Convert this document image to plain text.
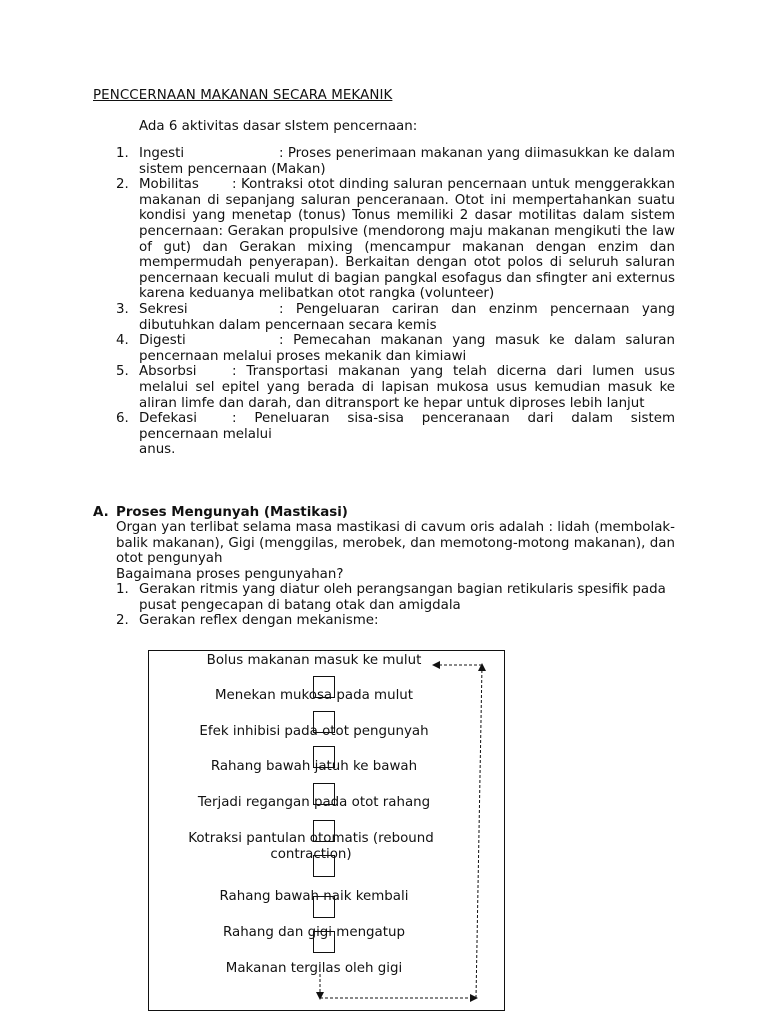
PENCCERNAAN MAKANAN SECARA MEKANIK
Ada 6 aktivitas dasar sIstem pencernaan:
1. Ingesti	: Proses penerimaan makanan yang diimasukkan ke dalam sistem pencernaan (Makan)
2. Mobilitas : Kontraksi otot dinding saluran pencernaan untuk menggerakkan makanan di sepanjang saluran penceranaan. Otot ini mempertahankan suatu kondisi yang menetap (tonus) Tonus memiliki 2 dasar motilitas dalam sistem pencernaan: Gerakan propulsive (mendorong maju makanan mengikuti the law of gut) dan Gerakan mixing (mencampur makanan dengan enzim dan mempermudah penyerapan). Berkaitan dengan otot polos di seluruh saluran pencernaan kecuali mulut di bagian pangkal esofagus dan sfingter ani externus karena keduanya melibatkan otot rangka (volunteer)
3. Sekresi	: Pengeluaran cariran dan enzinm pencernaan yang dibutuhkan dalam pencernaan secara kemis
4. Digesti	: Pemecahan makanan yang masuk ke dalam saluran pencernaan melalui proses mekanik dan kimiawi
5. Absorbsi	: Transportasi makanan yang telah dicerna dari lumen usus melalui sel epitel yang berada di lapisan mukosa usus kemudian masuk ke aliran limfe dan darah, dan ditransport ke hepar untuk diproses lebih lanjut
6. Defekasi	: Peneluaran sisa-sisa penceranaan dari dalam sistem pencernaan melalui
anus.
A. Proses Mengunyah (Mastikasi)

Organ yan terlibat selama masa mastikasi di cavum oris adalah : lidah (membolak-balik makanan), Gigi (menggilas, merobek, dan memotong-motong makanan), dan otot pengunyah

Bagaimana proses pengunyahan?

1. Gerakan ritmis yang diatur oleh perangsangan bagian retikularis spesifik pada pusat pengecapan di batang otak dan amigdala
2. Gerakan reflex dengan mekanisme:
Bolus makanan masuk ke mulut
Menekan mukosa pada mulut
Efek inhibisi pada otot pengunyah
Rahang bawah jatuh ke bawah
Terjadi regangan pada otot rahang
Kotraksi pantulan otomatis (rebound contraction)
Rahang bawah naik kembali
Rahang dan gigi mengatup
Makanan tergilas oleh gigi
